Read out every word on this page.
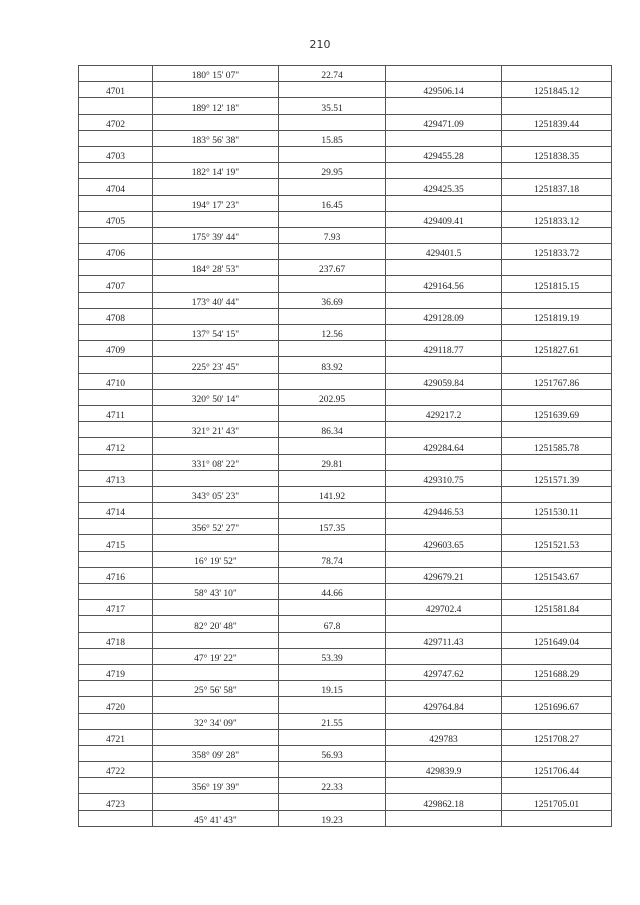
210
	180° 15' 07"	22.74		
4701			429506.14	1251845.12
	189° 12' 18"	35.51		
4702			429471.09	1251839.44
	183° 56' 38"	15.85		
4703			429455.28	1251838.35
	182° 14' 19"	29.95		
4704			429425.35	1251837.18
	194° 17' 23"	16.45		
4705			429409.41	1251833.12
	175° 39' 44"	7.93		
4706			429401.5	1251833.72
	184° 28' 53"	237.67		
4707			429164.56	1251815.15
	173° 40' 44"	36.69		
4708			429128.09	1251819.19
	137° 54' 15"	12.56		
4709			429118.77	1251827.61
	225° 23' 45"	83.92		
4710			429059.84	1251767.86
	320° 50' 14"	202.95		
4711			429217.2	1251639.69
	321° 21' 43"	86.34		
4712			429284.64	1251585.78
	331° 08' 22"	29.81		
4713			429310.75	1251571.39
	343° 05' 23"	141.92		
4714			429446.53	1251530.11
	356° 52' 27"	157.35		
4715			429603.65	1251521.53
	16° 19' 52"	78.74		
4716			429679.21	1251543.67
	58° 43' 10"	44.66		
4717			429702.4	1251581.84
	82° 20' 48"	67.8		
4718			429711.43	1251649.04
	47° 19' 22"	53.39		
4719			429747.62	1251688.29
	25° 56' 58"	19.15		
4720			429764.84	1251696.67
	32° 34' 09"	21.55		
4721			429783	1251708.27
	358° 09' 28"	56.93		
4722			429839.9	1251706.44
	356° 19' 39"	22.33		
4723			429862.18	1251705.01
	45° 41' 43"	19.23		
